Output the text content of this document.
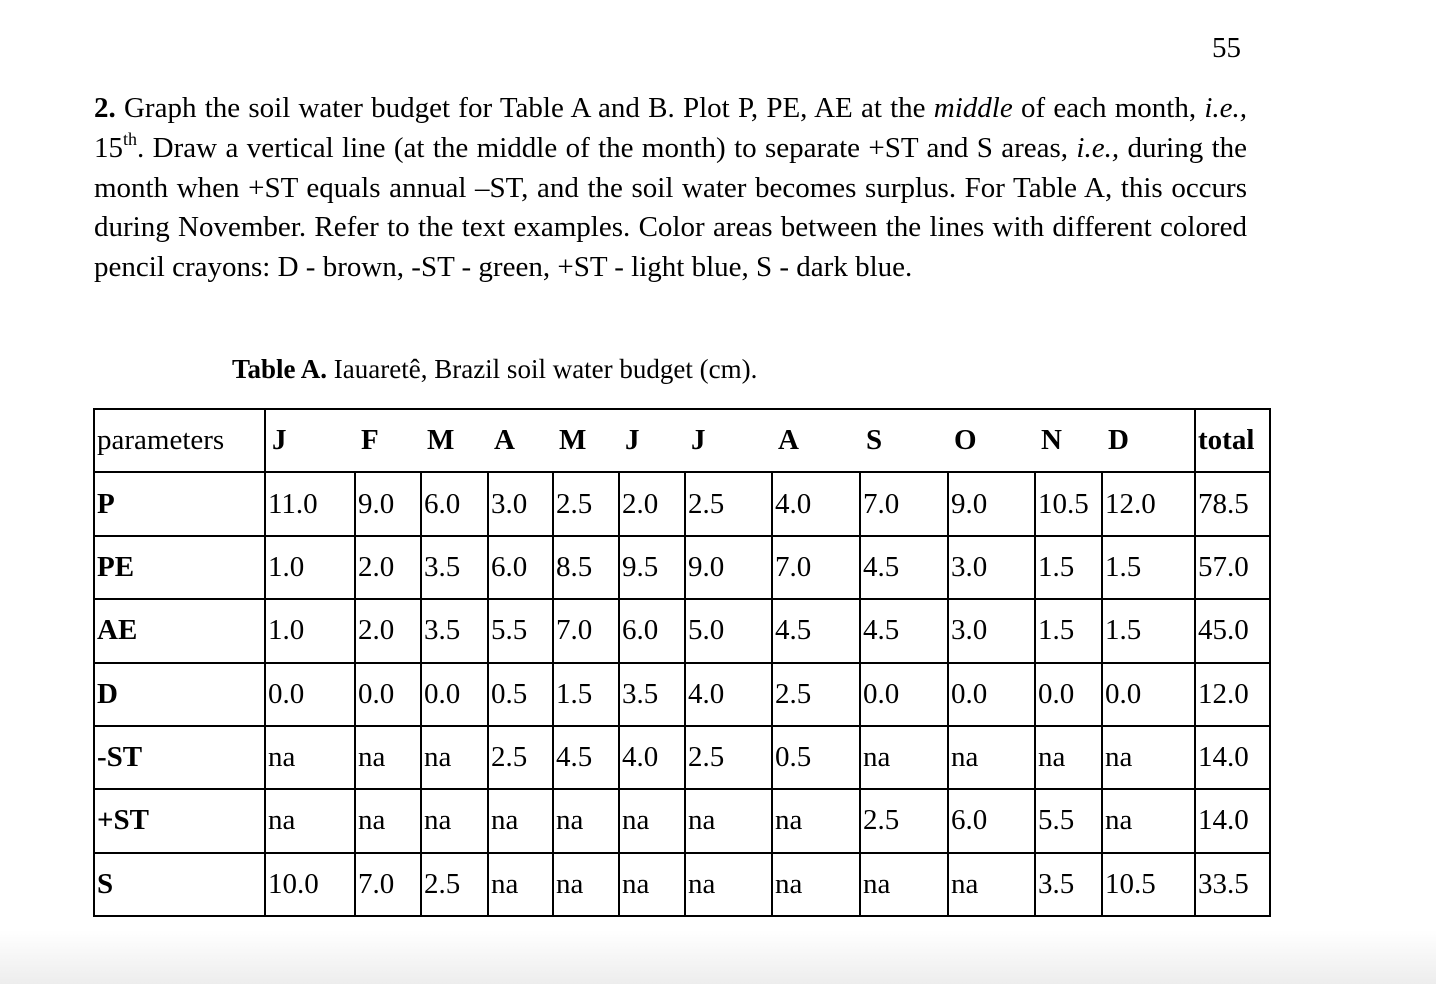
55
2. Graph the soil water budget for Table A and B. Plot P, PE, AE at the middle of each month, i.e., 15th. Draw a vertical line (at the middle of the month) to separate +ST and S areas, i.e., during the month when +ST equals annual –ST, and the soil water becomes surplus. For Table A, this occurs during November. Refer to the text examples. Color areas between the lines with different colored pencil crayons: D - brown, -ST - green, +ST - light blue, S - dark blue.
Table A. Iauaretê, Brazil soil water budget (cm).
parameters	J	F	M	A	M	J	J	A	S	O	N	D	total
P	11.0	9.0	6.0	3.0	2.5	2.0	2.5	4.0	7.0	9.0	10.5	12.0	78.5
PE	1.0	2.0	3.5	6.0	8.5	9.5	9.0	7.0	4.5	3.0	1.5	1.5	57.0
AE	1.0	2.0	3.5	5.5	7.0	6.0	5.0	4.5	4.5	3.0	1.5	1.5	45.0
D	0.0	0.0	0.0	0.5	1.5	3.5	4.0	2.5	0.0	0.0	0.0	0.0	12.0
-ST	na	na	na	2.5	4.5	4.0	2.5	0.5	na	na	na	na	14.0
+ST	na	na	na	na	na	na	na	na	2.5	6.0	5.5	na	14.0
S	10.0	7.0	2.5	na	na	na	na	na	na	na	3.5	10.5	33.5
